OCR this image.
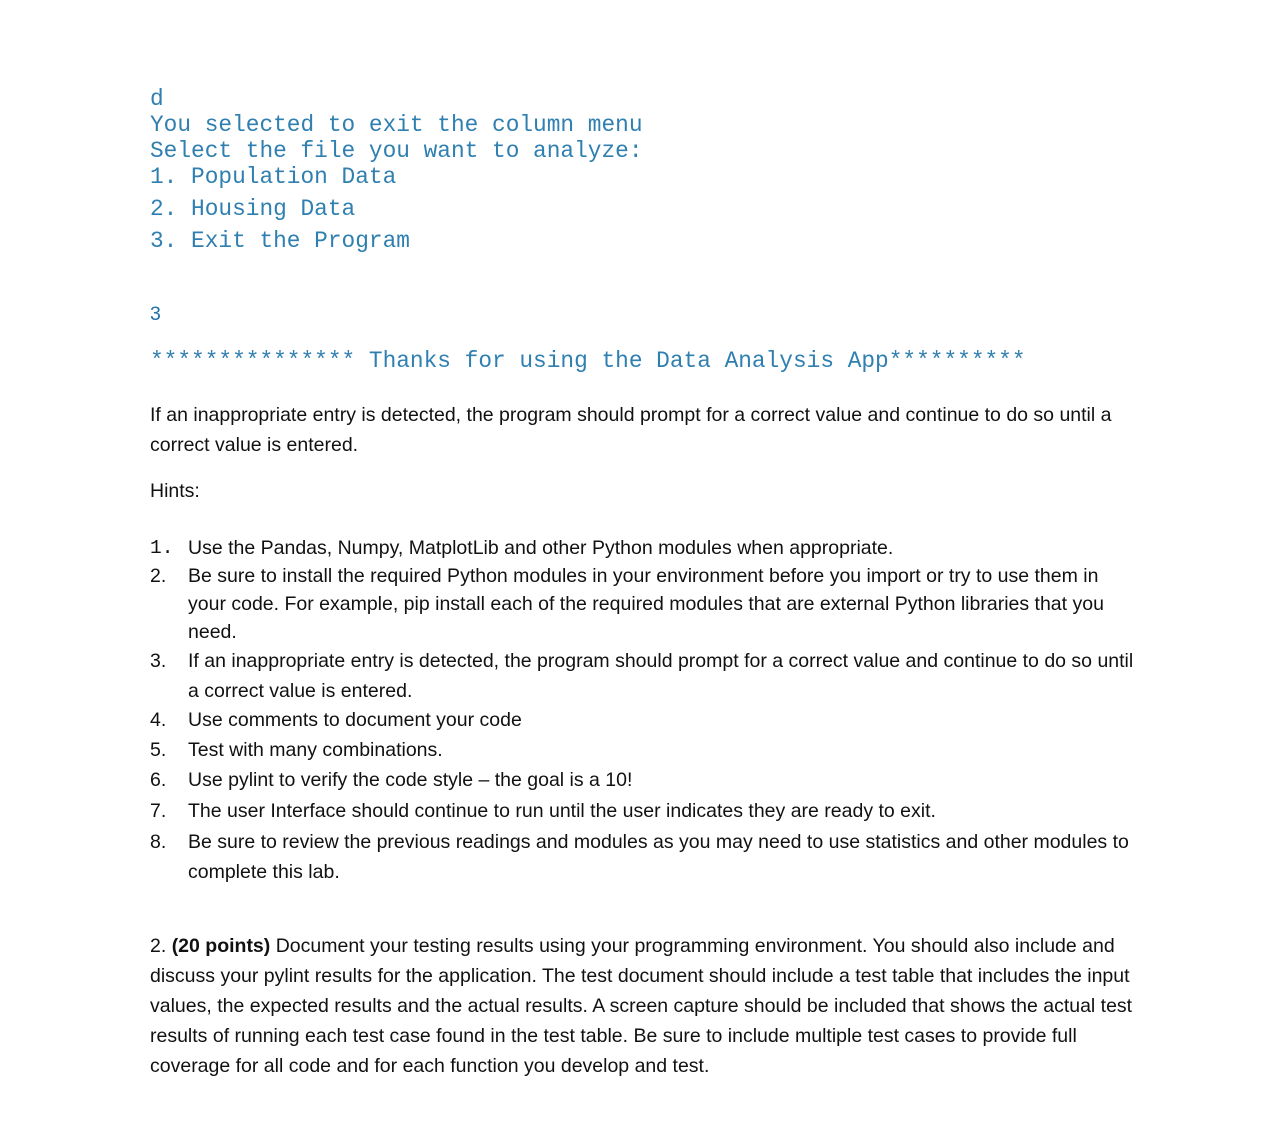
d
You selected to exit the column menu
Select the file you want to analyze:
1. Population Data
2. Housing Data
3. Exit the Program
3
*************** Thanks for using the Data Analysis App**********
If an inappropriate entry is detected, the program should prompt for a correct value and continue to do so until a correct value is entered.
Hints:
1. Use the Pandas, Numpy, MatplotLib and other Python modules when appropriate.
2. Be sure to install the required Python modules in your environment before you import or try to use them in your code. For example, pip install each of the required modules that are external Python libraries that you need.
3. If an inappropriate entry is detected, the program should prompt for a correct value and continue to do so until a correct value is entered.
4. Use comments to document your code
5. Test with many combinations.
6. Use pylint to verify the code style – the goal is a 10!
7. The user Interface should continue to run until the user indicates they are ready to exit.
8. Be sure to review the previous readings and modules as you may need to use statistics and other modules to complete this lab.
2. (20 points) Document your testing results using your programming environment. You should also include and discuss your pylint results for the application. The test document should include a test table that includes the input values, the expected results and the actual results. A screen capture should be included that shows the actual test results of running each test case found in the test table. Be sure to include multiple test cases to provide full coverage for all code and for each function you develop and test.
